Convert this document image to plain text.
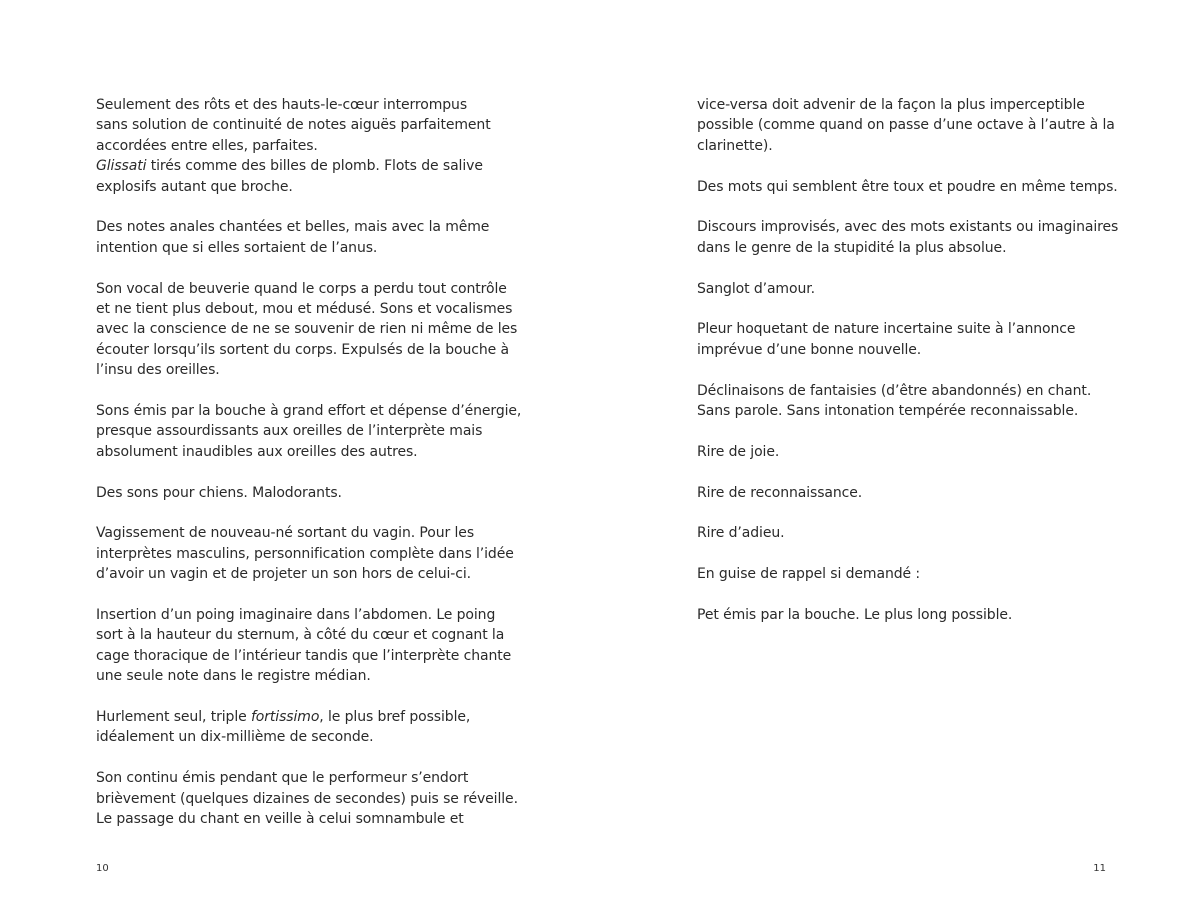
Seulement des rôts et des hauts-le-cœur interrompus
sans solution de continuité de notes aiguës parfaitement
accordées entre elles, parfaites.
Glissati tirés comme des billes de plomb. Flots de salive
explosifs autant que broche.

Des notes anales chantées et belles, mais avec la même
intention que si elles sortaient de l’anus.

Son vocal de beuverie quand le corps a perdu tout contrôle
et ne tient plus debout, mou et médusé. Sons et vocalismes
avec la conscience de ne se souvenir de rien ni même de les
écouter lorsqu’ils sortent du corps. Expulsés de la bouche à
l’insu des oreilles.

Sons émis par la bouche à grand effort et dépense d’énergie,
presque assourdissants aux oreilles de l’interprète mais
absolument inaudibles aux oreilles des autres.

Des sons pour chiens. Malodorants.

Vagissement de nouveau-né sortant du vagin. Pour les
interprètes masculins, personnification complète dans l’idée
d’avoir un vagin et de projeter un son hors de celui-ci.

Insertion d’un poing imaginaire dans l’abdomen. Le poing
sort à la hauteur du sternum, à côté du cœur et cognant la
cage thoracique de l’intérieur tandis que l’interprète chante
une seule note dans le registre médian.

Hurlement seul, triple fortissimo, le plus bref possible,
idéalement un dix-millième de seconde.

Son continu émis pendant que le performeur s’endort
brièvement (quelques dizaines de secondes) puis se réveille.
Le passage du chant en veille à celui somnambule et

10

vice-versa doit advenir de la façon la plus imperceptible
possible (comme quand on passe d’une octave à l’autre à la
clarinette).

Des mots qui semblent être toux et poudre en même temps.

Discours improvisés, avec des mots existants ou imaginaires
dans le genre de la stupidité la plus absolue.

Sanglot d’amour.

Pleur hoquetant de nature incertaine suite à l’annonce
imprévue d’une bonne nouvelle.

Déclinaisons de fantaisies (d’être abandonnés) en chant.
Sans parole. Sans intonation tempérée reconnaissable.

Rire de joie.

Rire de reconnaissance.

Rire d’adieu.

En guise de rappel si demandé :

Pet émis par la bouche. Le plus long possible.

11
